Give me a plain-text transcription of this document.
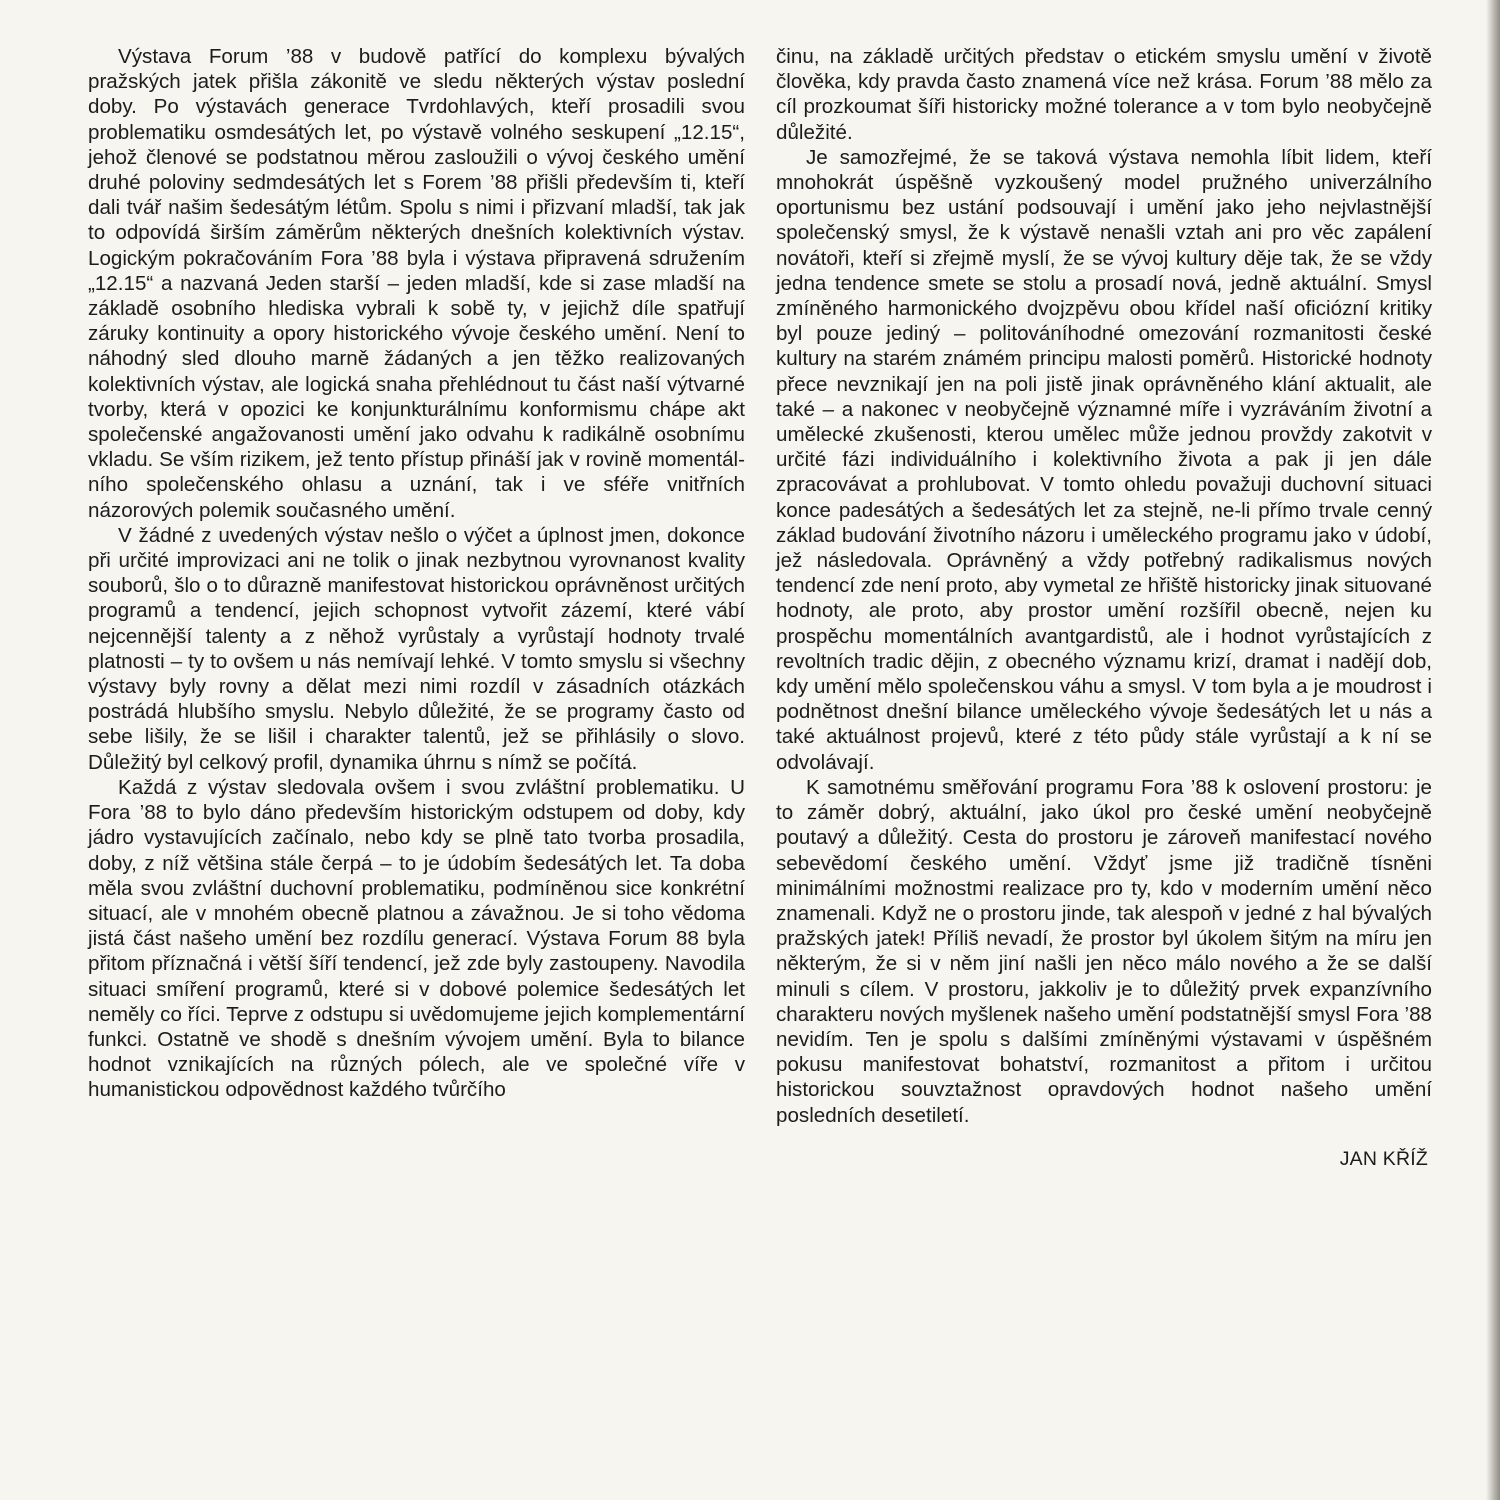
Výstava Forum ’88 v budově patřící do komplexu bývalých pražských jatek přišla zákonitě ve sledu některých výstav poslední doby. Po výstavách generace Tvrdohlavých, kteří prosadili svou problematiku osmdesátých let, po výstavě volného seskupení „12.15“, jehož členové se podstatnou měrou zasloužili o vývoj českého umění druhé poloviny sedmdesátých let s Forem ’88 přišli především ti, kteří dali tvář našim šedesátým létům. Spolu s nimi i přizvaní mladší, tak jak to odpovídá širším záměrům některých dnešních kolektivních výstav. Logickým pokračováním Fora ’88 byla i výstava připravená sdružením „12.15“ a nazvaná Jeden starší – jeden mladší, kde si zase mladší na základě osobního hlediska vybrali k sobě ty, v jejichž díle spatřují záruky kontinuity a opory historického vývoje českého umění. Není to náhodný sled dlouho marně žádaných a jen těžko realizovaných kolektivních výstav, ale logická snaha přehlédnout tu část naší výtvarné tvorby, která v opozici ke konjunkturálnímu konformismu chápe akt společenské angažovanosti umění jako odvahu k radikálně osobnímu vkladu. Se vším rizikem, jež tento přístup přináší jak v rovině momentálního společenského ohlasu a uznání, tak i ve sféře vnitřních názorových polemik současného umění.

V žádné z uvedených výstav nešlo o výčet a úplnost jmen, dokonce při určité improvizaci ani ne tolik o jinak nezbytnou vyrovnanost kvality souborů, šlo o to důrazně manifestovat historickou oprávněnost určitých programů a tendencí, jejich schopnost vytvořit zázemí, které vábí nejcennější talenty a z něhož vyrůstaly a vyrůstají hodnoty trvalé platnosti – ty to ovšem u nás nemívají lehké. V tomto smyslu si všechny výstavy byly rovny a dělat mezi nimi rozdíl v zásadních otázkách postrádá hlubšího smyslu. Nebylo důležité, že se programy často od sebe lišily, že se lišil i charakter talentů, jež se přihlásily o slovo. Důležitý byl celkový profil, dynamika úhrnu s nímž se počítá.

Každá z výstav sledovala ovšem i svou zvláštní problematiku. U Fora ’88 to bylo dáno především historickým odstupem od doby, kdy jádro vystavujících začínalo, nebo kdy se plně tato tvorba prosadila, doby, z níž většina stále čerpá – to je údobím šedesátých let. Ta doba měla svou zvláštní duchovní problematiku, podmíněnou sice konkrétní situací, ale v mnohém obecně platnou a závažnou. Je si toho vědoma jistá část našeho umění bez rozdílu generací. Výstava Forum 88 byla přitom příznačná i větší šíří tendencí, jež zde byly zastoupeny. Navodila situaci smíření programů, které si v dobové polemice šedesátých let neměly co říci. Teprve z odstupu si uvědomujeme jejich komplementární funkci. Ostatně ve shodě s dnešním vývojem umění. Byla to bilance hodnot vznikajících na různých pólech, ale ve společné víře v humanistickou odpovědnost každého tvůrčího

činu, na základě určitých představ o etickém smyslu umění v životě člověka, kdy pravda často znamená více než krása. Forum ’88 mělo za cíl prozkoumat šíři historicky možné tolerance a v tom bylo neobyčejně důležité.

Je samozřejmé, že se taková výstava nemohla líbit lidem, kteří mnohokrát úspěšně vyzkoušený model pružného univerzálního oportunismu bez ustání podsouvají i umění jako jeho nejvlastnější společenský smysl, že k výstavě nenašli vztah ani pro věc zapálení novátoři, kteří si zřejmě myslí, že se vývoj kultury děje tak, že se vždy jedna tendence smete se stolu a prosadí nová, jedně aktuální. Smysl zmíněného harmonického dvojzpěvu obou křídel naší oficiózní kritiky byl pouze jediný – politováníhodné omezování rozmanitosti české kultury na starém známém principu malosti poměrů. Historické hodnoty přece nevznikají jen na poli jistě jinak oprávněného klání aktualit, ale také – a nakonec v neobyčejně významné míře i vyzráváním životní a umělecké zkušenosti, kterou umělec může jednou provždy zakotvit v určité fázi individuálního i kolektivního života a pak ji jen dále zpracovávat a prohlubovat. V tomto ohledu považuji duchovní situaci konce padesátých a šedesátých let za stejně, ne-li přímo trvale cenný základ budování životního názoru i uměleckého programu jako v údobí, jež následovala. Oprávněný a vždy potřebný radikalismus nových tendencí zde není proto, aby vymetal ze hřiště historicky jinak situované hodnoty, ale proto, aby prostor umění rozšířil obecně, nejen ku prospěchu momentálních avantgardistů, ale i hodnot vyrůstajících z revoltních tradic dějin, z obecného významu krizí, dramat i nadějí dob, kdy umění mělo společenskou váhu a smysl. V tom byla a je moudrost i podnětnost dnešní bilance uměleckého vývoje šedesátých let u nás a také aktuálnost projevů, které z této půdy stále vyrůstají a k ní se odvolávají.

K samotnému směřování programu Fora ’88 k oslovení prostoru: je to záměr dobrý, aktuální, jako úkol pro české umění neobyčejně poutavý a důležitý. Cesta do prostoru je zároveň manifestací nového sebevědomí českého umění. Vždyť jsme již tradičně tísněni minimálními možnostmi realizace pro ty, kdo v moderním umění něco znamenali. Když ne o prostoru jinde, tak alespoň v jedné z hal bývalých pražských jatek! Příliš nevadí, že prostor byl úkolem šitým na míru jen některým, že si v něm jiní našli jen něco málo nového a že se další minuli s cílem. V prostoru, jakkoliv je to důležitý prvek expanzívního charakteru nových myšlenek našeho umění podstatnější smysl Fora ’88 nevidím. Ten je spolu s dalšími zmíněnými výstavami v úspěšném pokusu manifestovat bohatství, rozmanitost a přitom i určitou historickou souvztažnost opravdových hodnot našeho umění posledních desetiletí.

JAN KŘÍŽ
